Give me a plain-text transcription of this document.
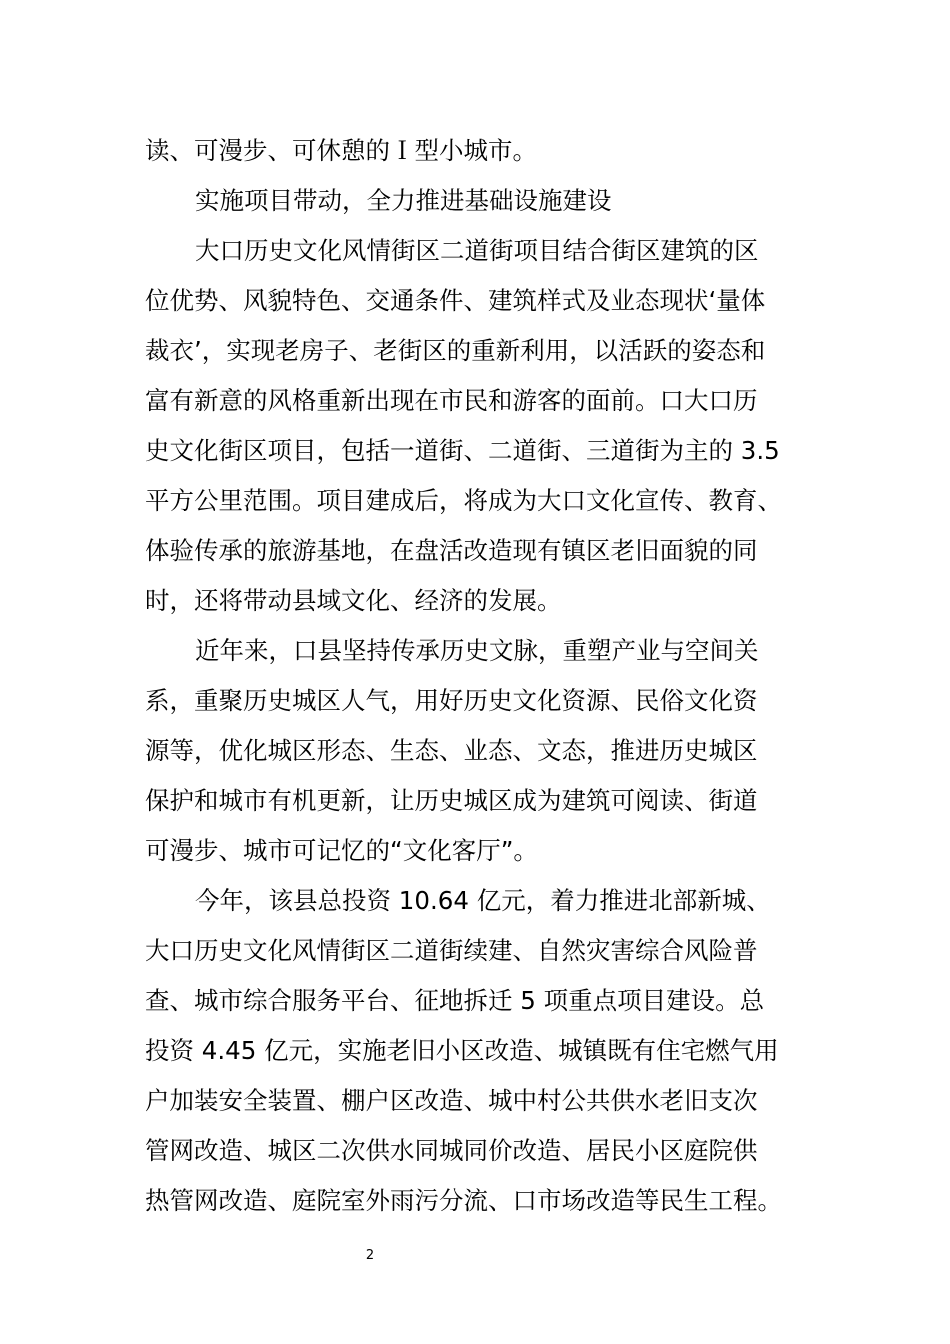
读、可漫步、可休憩的Ｉ型小城市。
实施项目带动，全力推进基础设施建设
大口历史文化风情街区二道街项目结合街区建筑的区
位优势、风貌特色、交通条件、建筑样式及业态现状‘量体
裁衣’，实现老房子、老街区的重新利用，以活跃的姿态和
富有新意的风格重新出现在市民和游客的面前。口大口历
史文化街区项目，包括一道街、二道街、三道街为主的 3.5
平方公里范围。项目建成后，将成为大口文化宣传、教育、
体验传承的旅游基地，在盘活改造现有镇区老旧面貌的同
时，还将带动县域文化、经济的发展。
近年来，口县坚持传承历史文脉，重塑产业与空间关
系，重聚历史城区人气，用好历史文化资源、民俗文化资
源等，优化城区形态、生态、业态、文态，推进历史城区
保护和城市有机更新，让历史城区成为建筑可阅读、街道
可漫步、城市可记忆的“文化客厅”。
今年，该县总投资 10.64 亿元，着力推进北部新城、
大口历史文化风情街区二道街续建、自然灾害综合风险普
查、城市综合服务平台、征地拆迁 5 项重点项目建设。总
投资 4.45 亿元，实施老旧小区改造、城镇既有住宅燃气用
户加装安全装置、棚户区改造、城中村公共供水老旧支次
管网改造、城区二次供水同城同价改造、居民小区庭院供
热管网改造、庭院室外雨污分流、口市场改造等民生工程。
2
